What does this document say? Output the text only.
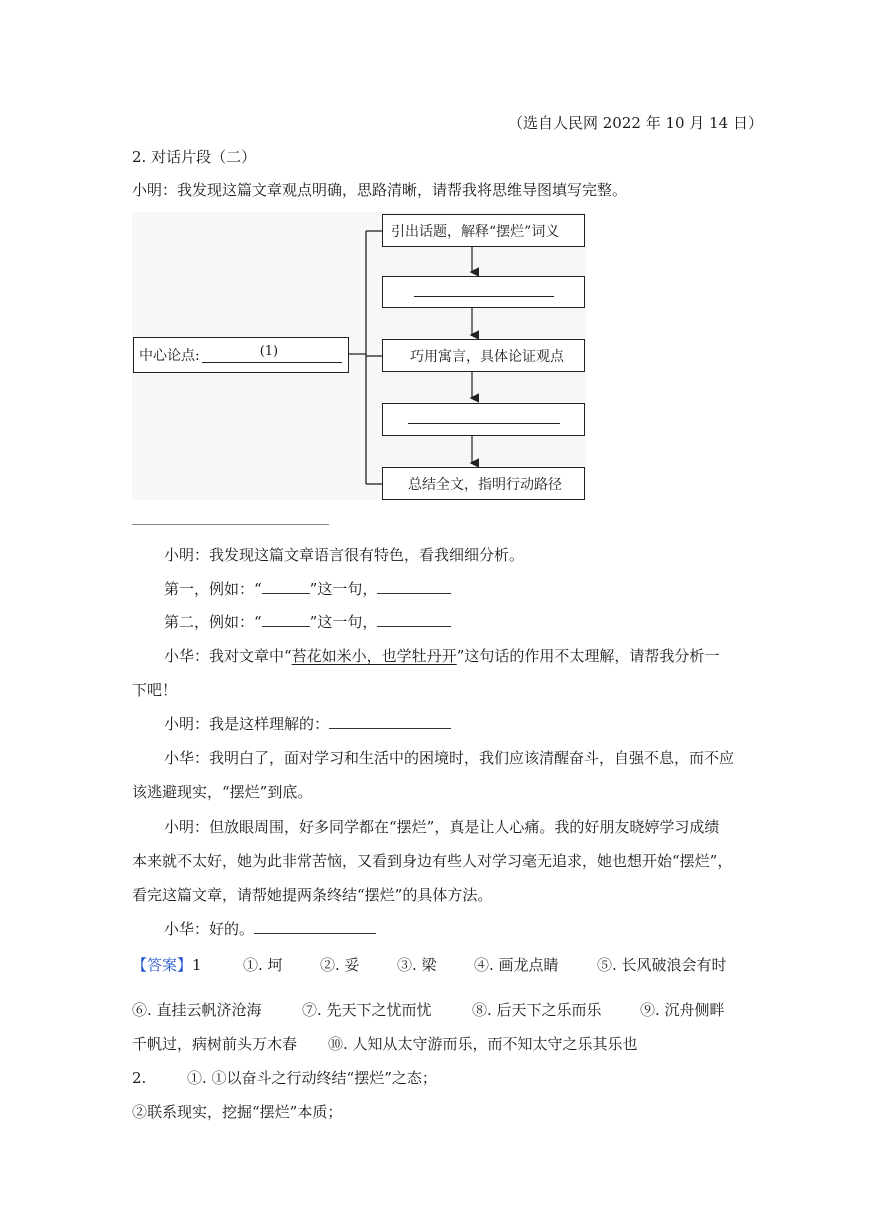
（选自人民网 2022 年 10 月 14 日）
2. 对话片段（二）
小明：我发现这篇文章观点明确，思路清晰，请帮我将思维导图填写完整。
中心论点:	(1)
引出话题，解释“摆烂”词义
巧用寓言，具体论证观点
总结全文，指明行动路径
小明：我发现这篇文章语言很有特色，看我细细分析。
第一，例如：“	”这一句，
第二，例如：“	”这一句，
小华：我对文章中“苔花如米小，也学牡丹开”这句话的作用不太理解，请帮我分析一
下吧！
小明：我是这样理解的：
小华：我明白了，面对学习和生活中的困境时，我们应该清醒奋斗，自强不息，而不应
该逃避现实，“摆烂”到底。
小明：但放眼周围，好多同学都在“摆烂”，真是让人心痛。我的好朋友晓婷学习成绩
本来就不太好，她为此非常苦恼，又看到身边有些人对学习毫无追求，她也想开始“摆烂”，
看完这篇文章，请帮她提两条终结“摆烂”的具体方法。
小华：好的。
【答案】1	①. 坷 ②. 妥 ③. 梁 ④. 画龙点睛	⑤. 长风破浪会有时
⑥. 直挂云帆济沧海	⑦. 先天下之忧而忧	⑧. 后天下之乐而乐	⑨. 沉舟侧畔
千帆过，病树前头万木春 ⑩. 人知从太守游而乐，而不知太守之乐其乐也
2.	①. ①以奋斗之行动终结“摆烂”之态；
②联系现实，挖掘“摆烂”本质；
